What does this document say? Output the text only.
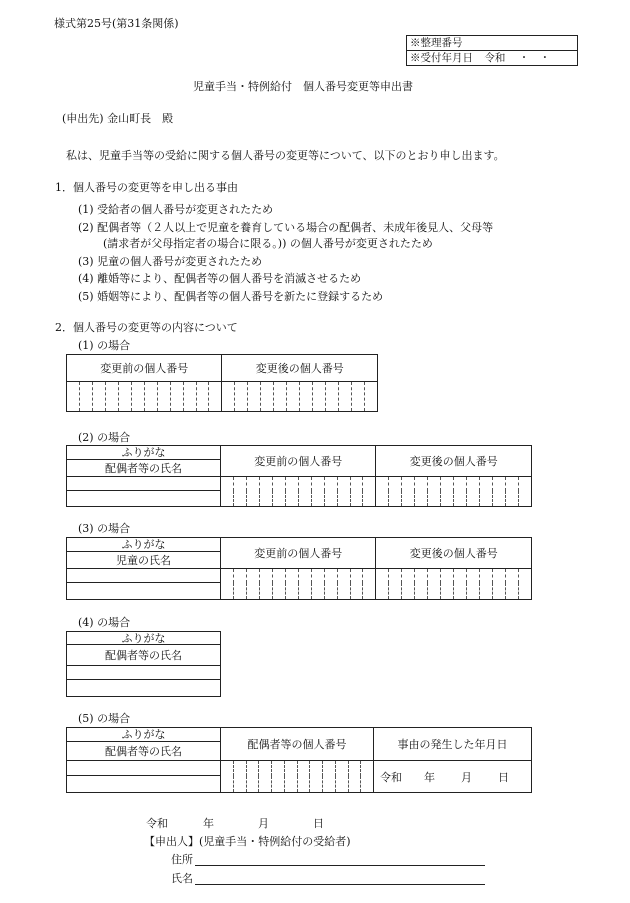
様式第25号(第31条関係)
※整理番号
※受付年月日 令和 ・　・
児童手当・特例給付　個人番号変更等申出書
(申出先) 金山町長　殿
私は、児童手当等の受給に関する個人番号の変更等について、以下のとおり申し出ます。
1．個人番号の変更等を申し出る事由
(1) 受給者の個人番号が変更されたため
(2) 配偶者等（２人以上で児童を養育している場合の配偶者、未成年後見人、父母等
(請求者が父母指定者の場合に限る。)) の個人番号が変更されたため
(3) 児童の個人番号が変更されたため
(4) 離婚等により、配偶者等の個人番号を消滅させるため
(5) 婚姻等により、配偶者等の個人番号を新たに登録するため
2．個人番号の変更等の内容について
(1) の場合
変更前の個人番号												変更後の個人番号											

(2) の場合
ふりがな	変更前の個人番号												変更後の個人番号											
配偶者等の氏名																								

(3) の場合
ふりがな	変更前の個人番号												変更後の個人番号											
児童の氏名																								

(4) の場合
ふりがな
配偶者等の氏名

(5) の場合
ふりがな	配偶者等の個人番号												事由の発生した年月日
配偶者等の氏名													
													令和 年 月 日

令和	年	月	日
【申出人】(児童手当・特例給付の受給者)
住所
氏名
